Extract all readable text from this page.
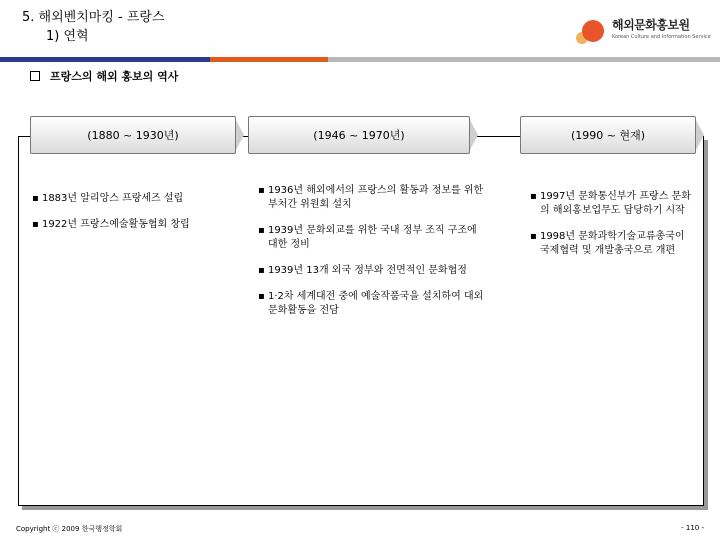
5. 해외벤치마킹 - 프랑스
1) 연혁
해외문화홍보원
Korean Culture and Information Service
프랑스의 해외 홍보의 역사
(1880 ~ 1930년)	(1946 ~ 1970년)	(1990 ~ 현재)
▪ 1883년 알리앙스 프랑세즈 설립
▪ 1922년 프랑스예술활동협회 창립
▪ 1936년 해외에서의 프랑스의 활동과 정보를 위한 부처간 위원회 설치
▪ 1939년 문화외교를 위한 국내 정부 조직 구조에 대한 정비
▪ 1939년 13개 외국 정부와 전면적인 문화협정
▪ 1·2차 세계대전 중에 예술작품국을 설치하여 대외 문화활동을 전담
▪ 1997년 문화통신부가 프랑스 문화의 해외홍보업무도 담당하기 시작
▪ 1998년 문화과학기술교류총국이 국제협력 및 개발총국으로 개편
Copyright ⓒ 2009 한국행정학회	- 110 -
